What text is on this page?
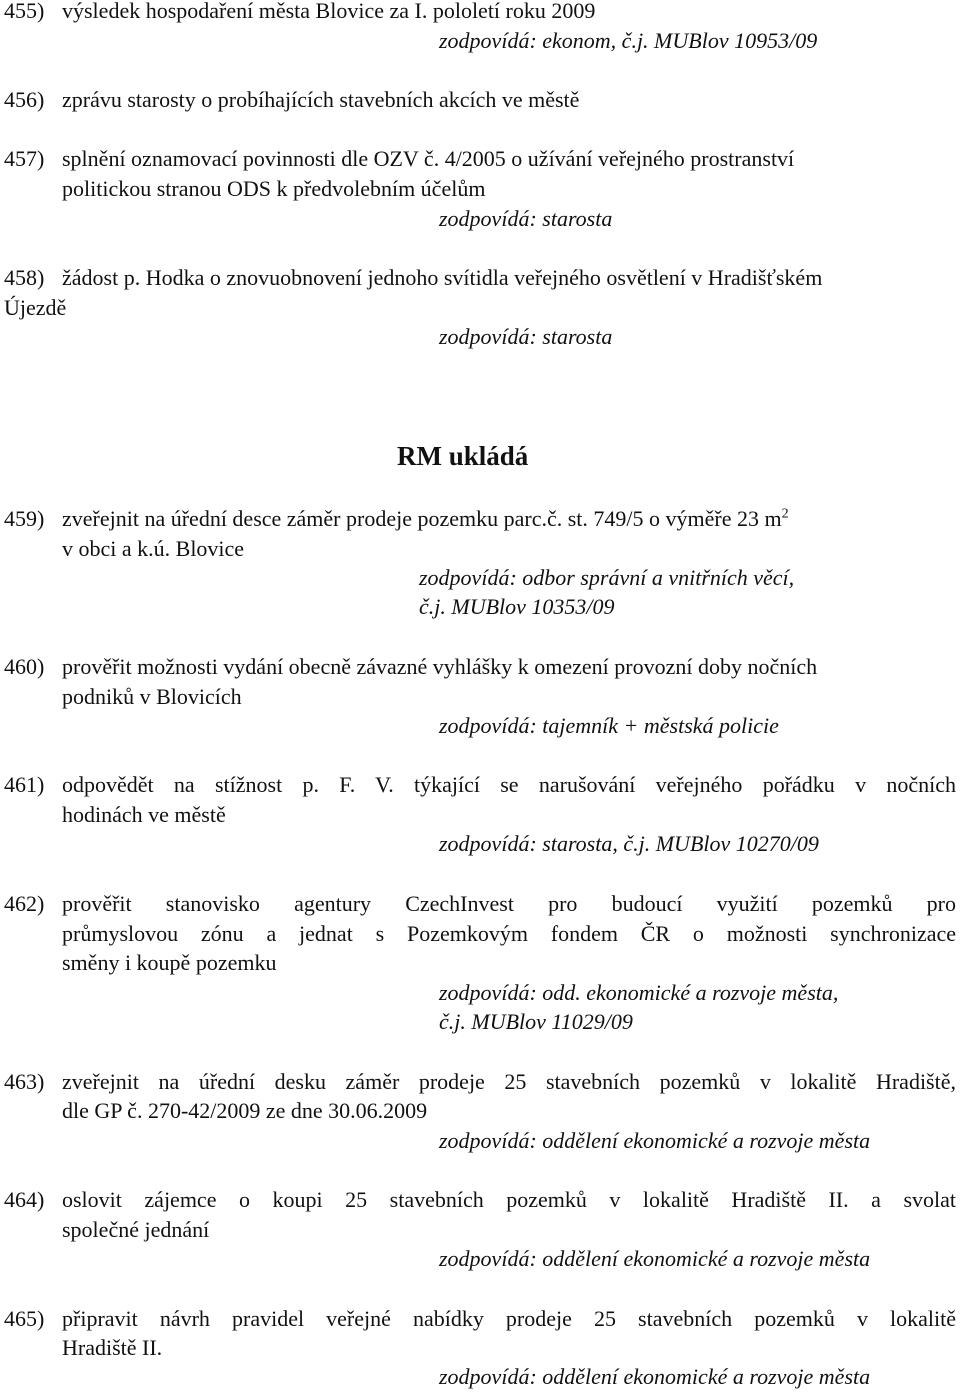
455) výsledek hospodaření města Blovice za I. pololetí roku 2009
zodpovídá: ekonom, č.j. MUBlov 10953/09
456) zprávu starosty o probíhajících stavebních akcích ve městě
457) splnění oznamovací povinnosti dle OZV č. 4/2005 o užívání veřejného prostranství
politickou stranou ODS k předvolebním účelům
zodpovídá: starosta
458) žádost p. Hodka o znovuobnovení jednoho svítidla veřejného osvětlení v Hradišťském
Újezdě
zodpovídá: starosta
RM ukládá
459) zveřejnit na úřední desce záměr prodeje pozemku parc.č. st. 749/5 o výměře 23 $m^2$
v obci a k.ú. Blovice
zodpovídá: odbor správní a vnitřních věcí,
č.j. MUBlov 10353/09
460) prověřit možnosti vydání obecně závazné vyhlášky k omezení provozní doby nočních
podniků v Blovicích
zodpovídá: tajemník + městská policie
461) odpovědět na stížnost p. F. V. týkající se narušování veřejného pořádku v nočních
hodinách ve městě
zodpovídá: starosta, č.j. MUBlov 10270/09
462) prověřit stanovisko agentury CzechInvest pro budoucí využití pozemků pro
průmyslovou zónu a jednat s Pozemkovým fondem ČR o možnosti synchronizace
směny i koupě pozemku
zodpovídá: odd. ekonomické a rozvoje města,
č.j. MUBlov 11029/09
463) zveřejnit na úřední desku záměr prodeje 25 stavebních pozemků v lokalitě Hradiště,
dle GP č. 270-42/2009 ze dne 30.06.2009
zodpovídá: oddělení ekonomické a rozvoje města
464) oslovit zájemce o koupi 25 stavebních pozemků v lokalitě Hradiště II. a svolat
společné jednání
zodpovídá: oddělení ekonomické a rozvoje města
465) připravit návrh pravidel veřejné nabídky prodeje 25 stavebních pozemků v lokalitě
Hradiště II.
zodpovídá: oddělení ekonomické a rozvoje města
